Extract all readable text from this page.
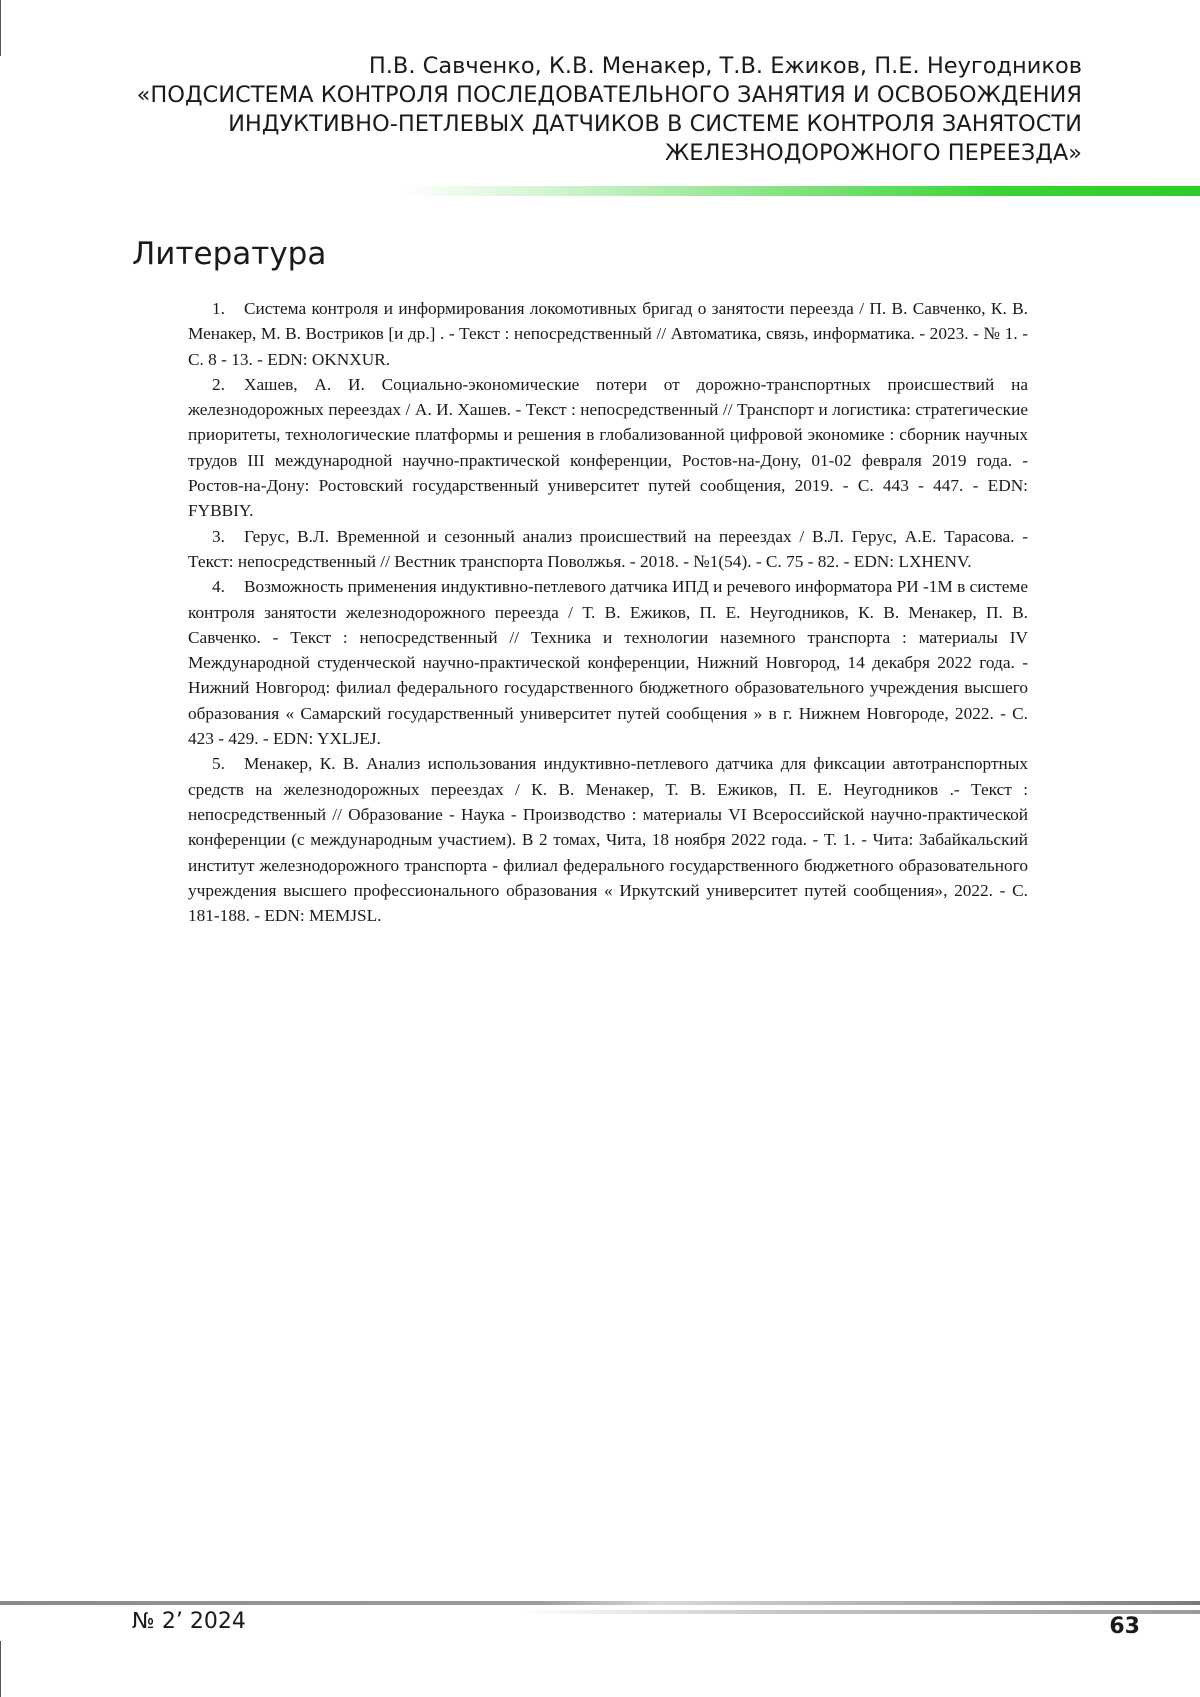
П.В. Савченко, К.В. Менакер, Т.В. Ежиков, П.Е. Неугодников

«ПОДСИСТЕМА КОНТРОЛЯ ПОСЛЕДОВАТЕЛЬНОГО ЗАНЯТИЯ И ОСВОБОЖДЕНИЯ
ИНДУКТИВНО-ПЕТЛЕВЫХ ДАТЧИКОВ В СИСТЕМЕ КОНТРОЛЯ ЗАНЯТОСТИ
ЖЕЛЕЗНОДОРОЖНОГО ПЕРЕЕЗДА»

Литература
1. Система контроля и информирования локомотивных бригад о занятости переезда / П. В. Савченко, К. В. Менакер, М. В. Востриков [и др.] . - Текст : непосредственный // Автоматика, связь, информатика. - 2023. - № 1. - С. 8 - 13. - EDN: OKNXUR.
2. Хашев, А. И. Социально-экономические потери от дорожно-транспортных происшествий на железнодорожных переездах / А. И. Хашев. - Текст : непосредственный // Транспорт и логистика: стратегические приоритеты, технологические платформы и решения в глобализованной цифровой экономике : сборник научных трудов III международной научно-практической конференции, Ростов-на-Дону, 01-02 февраля 2019 года. - Ростов-на-Дону: Ростовский государственный университет путей сообщения, 2019. - С. 443 - 447. - EDN: FYBBIY.
3. Герус, В.Л. Временной и сезонный анализ происшествий на переездах / В.Л. Герус, А.Е. Тарасова. - Текст: непосредственный // Вестник транспорта Поволжья. - 2018. - №1(54). - С. 75 - 82. - EDN: LXHENV.
4. Возможность применения индуктивно-петлевого датчика ИПД и речевого информатора РИ -1М в системе контроля занятости железнодорожного переезда / Т. В. Ежиков, П. Е. Неугодников, К. В. Менакер, П. В. Савченко. - Текст : непосредственный // Техника и технологии наземного транспорта : материалы IV Международной студенческой научно-практической конференции, Нижний Новгород, 14 декабря 2022 года. - Нижний Новгород: филиал федерального государственного бюджетного образовательного учреждения высшего образования « Самарский государственный университет путей сообщения » в г. Нижнем Новгороде, 2022. - С. 423 - 429. - EDN: YXLJEJ.
5. Менакер, К. В. Анализ использования индуктивно-петлевого датчика для фиксации автотранспортных средств на железнодорожных переездах / К. В. Менакер, Т. В. Ежиков, П. Е. Неугодников .- Текст : непосредственный // Образование - Наука - Производство : материалы VI Всероссийской научно-практической конференции (с международным участием). В 2 томах, Чита, 18 ноября 2022 года. - Т. 1. - Чита: Забайкальский институт железнодорожного транспорта - филиал федерального государственного бюджетного образовательного учреждения высшего профессионального образования « Иркутский университет путей сообщения», 2022. - С. 181-188. - EDN: MEMJSL.
№ 2’ 2024	63
